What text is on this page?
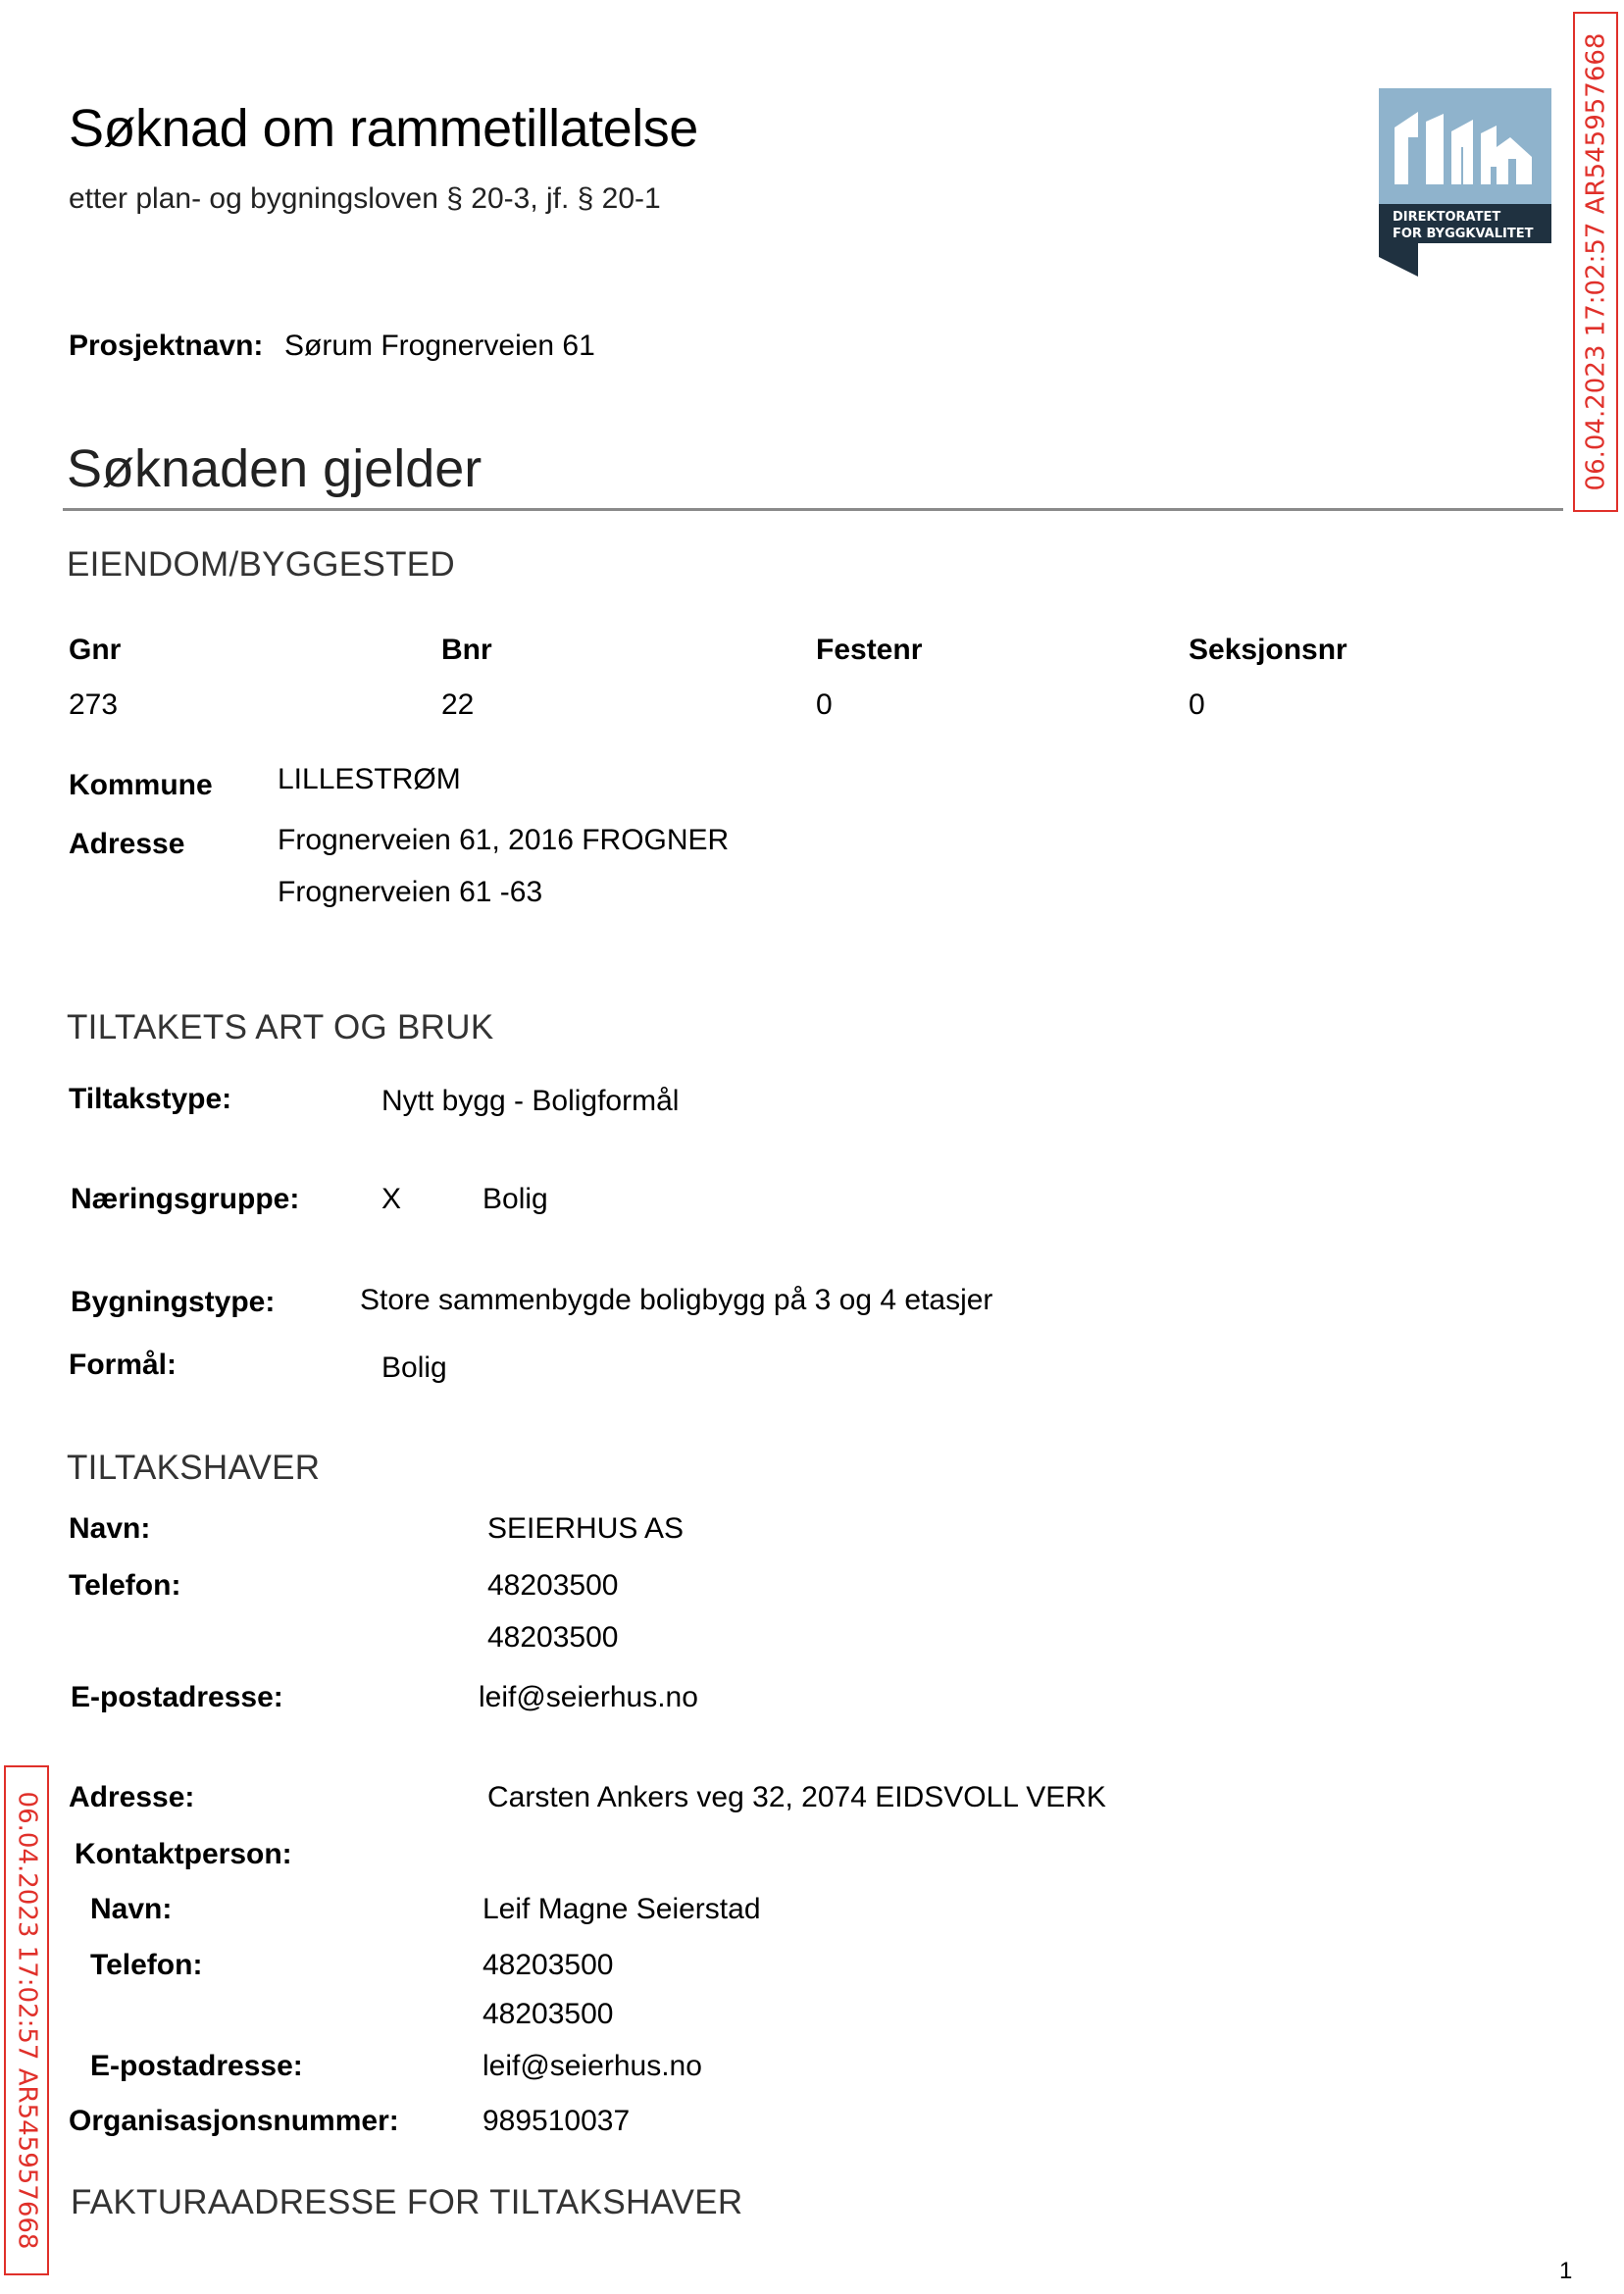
Søknad om rammetillatelse
etter plan- og bygningsloven § 20-3, jf. § 20-1
DIREKTORATET
FOR BYGGKVALITET 06.04.2023 17:02:57 AR545957668
06.04.2023 17:02:57 AR545957668
Prosjektnavn: Sørum Frognerveien 61
Søknaden gjelder
EIENDOM/BYGGESTED
Gnr	Bnr	Festenr	Seksjonsnr
273	22	0	0
Kommune LILLESTRØM
Adresse	Frognerveien 61, 2016 FROGNER
Frognerveien 61 -63
TILTAKETS ART OG BRUK
Tiltakstype:	Nytt bygg - Boligformål
Næringsgruppe:	X	Bolig
Bygningstype:	Store sammenbygde boligbygg på 3 og 4 etasjer
Formål:	Bolig
TILTAKSHAVER
Navn:	SEIERHUS AS
Telefon:	48203500
48203500
E-postadresse:	leif@seierhus.no
Adresse:	Carsten Ankers veg 32, 2074 EIDSVOLL VERK
Kontaktperson:
Navn:	Leif Magne Seierstad
Telefon:	48203500
48203500
E-postadresse:	leif@seierhus.no
Organisasjonsnummer:	989510037
FAKTURAADRESSE FOR TILTAKSHAVER
1
